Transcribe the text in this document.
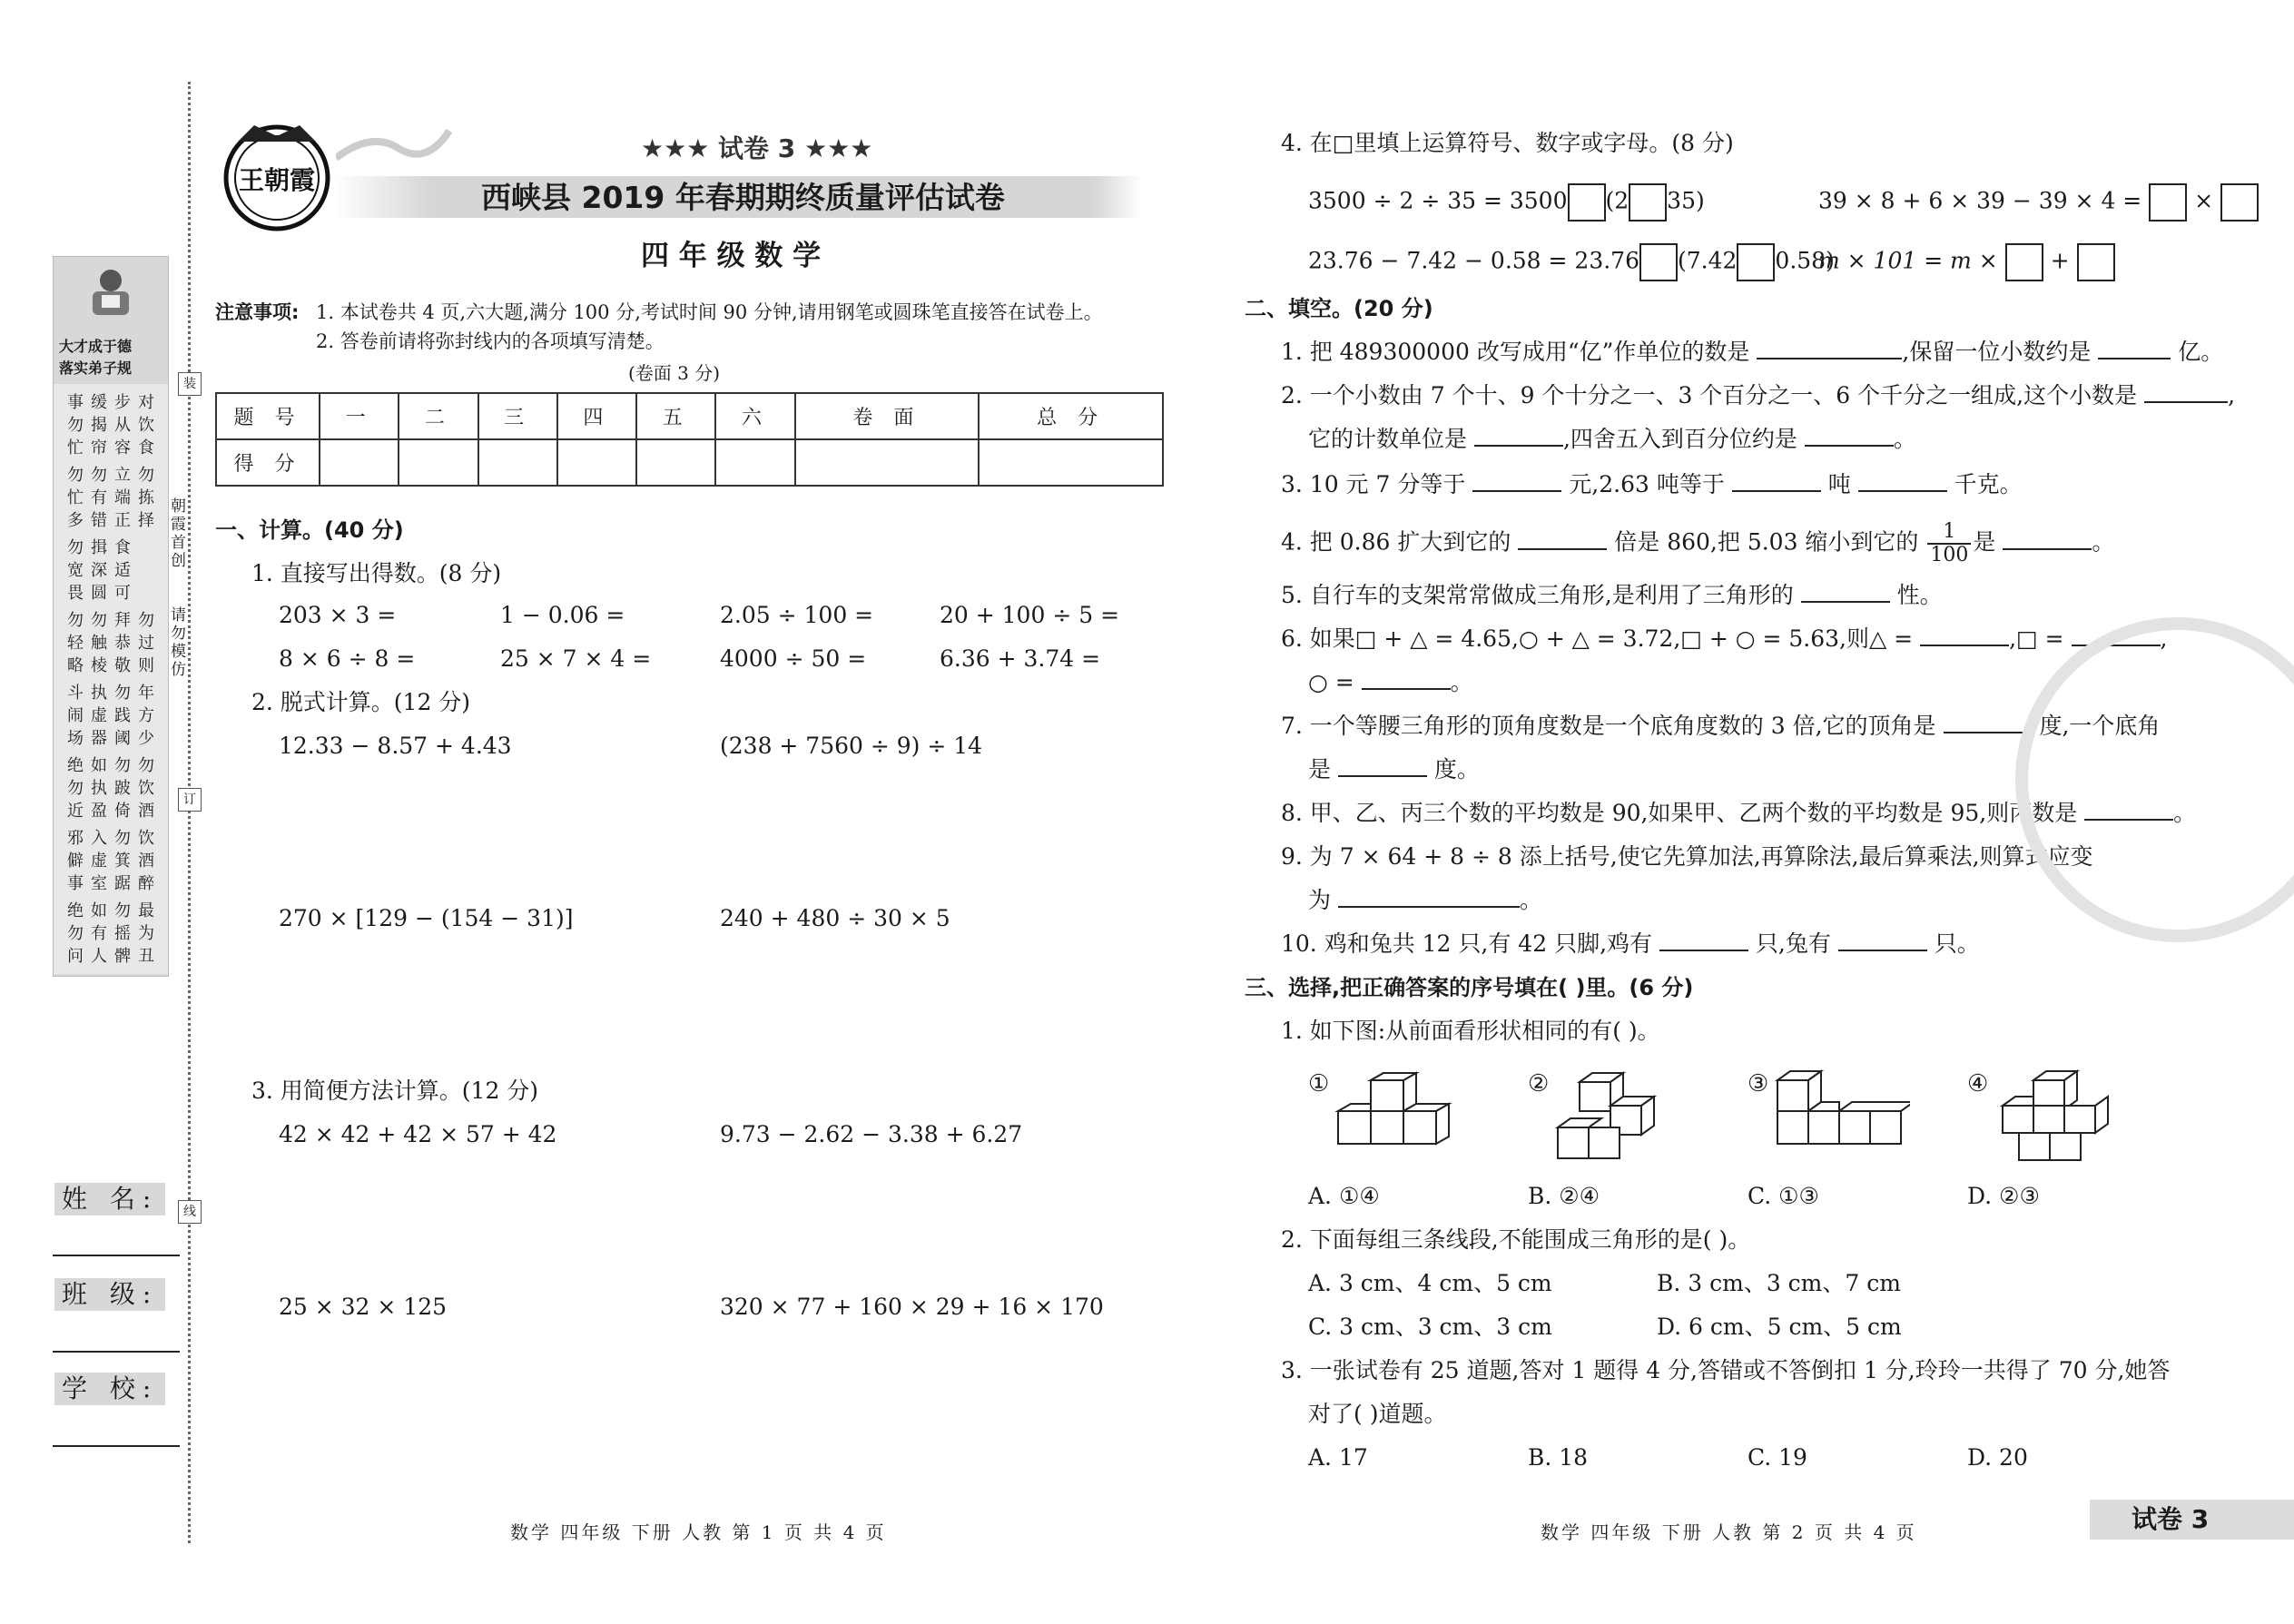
装
订
线
朝霞首创
请勿模仿
大才成于德
落实弟子规
事勿忙
缓揭帘
步从容
对饮食
勿忙多
勿有错
立端正
勿拣择
勿宽畏
揖深圆
食适可
勿轻略
勿触棱
拜恭敬
勿过则
斗闹场
执虚器
勿践阈
年方少
绝勿近
如执盈
勿跛倚
勿饮酒
邪僻事
入虚室
勿箕踞
饮酒醉
绝勿问
如有人
勿摇髀
最为丑
姓 名:
班 级:
学 校:
王朝霞
★★★ 试卷 3 ★★★
西峡县 2019 年春期期终质量评估试卷
四 年 级 数 学
注意事项: 1. 本试卷共 4 页,六大题,满分 100 分,考试时间 90 分钟,请用钢笔或圆珠笔直接答在试卷上。
2. 答卷前请将弥封线内的各项填写清楚。
(卷面 3 分)
题 号	一	二	三	四	五	六	卷 面	总 分
得 分								
一、计算。(40 分)
1. 直接写出得数。(8 分)
203 × 3 =	1 − 0.06 =	2.05 ÷ 100 =	20 + 100 ÷ 5 =
8 × 6 ÷ 8 =	25 × 7 × 4 =	4000 ÷ 50 =	6.36 + 3.74 =
2. 脱式计算。(12 分)
12.33 − 8.57 + 4.43	(238 + 7560 ÷ 9) ÷ 14
270 × [129 − (154 − 31)]	240 + 480 ÷ 30 × 5
3. 用简便方法计算。(12 分)
42 × 42 + 42 × 57 + 42	9.73 − 2.62 − 3.38 + 6.27
25 × 32 × 125	320 × 77 + 160 × 29 + 16 × 170
4. 在□里填上运算符号、数字或字母。(8 分)
3500 ÷ 2 ÷ 35 = 3500 (2 35)	39 × 8 + 6 × 39 − 39 × 4 = ×
23.76 − 7.42 − 0.58 = 23.76 (7.42 0.58)
m × 101 = m × +
二、填空。(20 分)
1. 把 489300000 改写成用“亿”作单位的数是	,保留一位小数约是	亿。
2. 一个小数由 7 个十、9 个十分之一、3 个百分之一、6 个千分之一组成,这个小数是	,
它的计数单位是	,四舍五入到百分位约是	。
3. 10 元 7 分等于	元,2.63 吨等于	吨	千克。
4. 把 0.86 扩大到它的	倍是 860,把 5.03 缩小到它的 $\frac{1}{100}$ 是	。
5. 自行车的支架常常做成三角形,是利用了三角形的	性。
6. 如果□ + △ = 4.65,○ + △ = 3.72,□ + ○ = 5.63,则△ =	,□ =	,
○ =	。
7. 一个等腰三角形的顶角度数是一个底角度数的 3 倍,它的顶角是	度,一个底角
是	度。
8. 甲、乙、丙三个数的平均数是 90,如果甲、乙两个数的平均数是 95,则丙数是	。
9. 为 7 × 64 + 8 ÷ 8 添上括号,使它先算加法,再算除法,最后算乘法,则算式应变
为	。
10. 鸡和兔共 12 只,有 42 只脚,鸡有	只,兔有	只。
三、选择,把正确答案的序号填在( )里。(6 分)
1. 如下图:从前面看形状相同的有( )。
①	②	③	④
A. ①④	B. ②④	C. ①③	D. ②③
2. 下面每组三条线段,不能围成三角形的是( )。
A. 3 cm、4 cm、5 cm	B. 3 cm、3 cm、7 cm
C. 3 cm、3 cm、3 cm	D. 6 cm、5 cm、5 cm
3. 一张试卷有 25 道题,答对 1 题得 4 分,答错或不答倒扣 1 分,玲玲一共得了 70 分,她答
对了( )道题。
A. 17	B. 18	C. 19	D. 20
数学 四年级 下册 人教 第 1 页 共 4 页	数学 四年级 下册 人教 第 2 页 共 4 页	试卷 3
